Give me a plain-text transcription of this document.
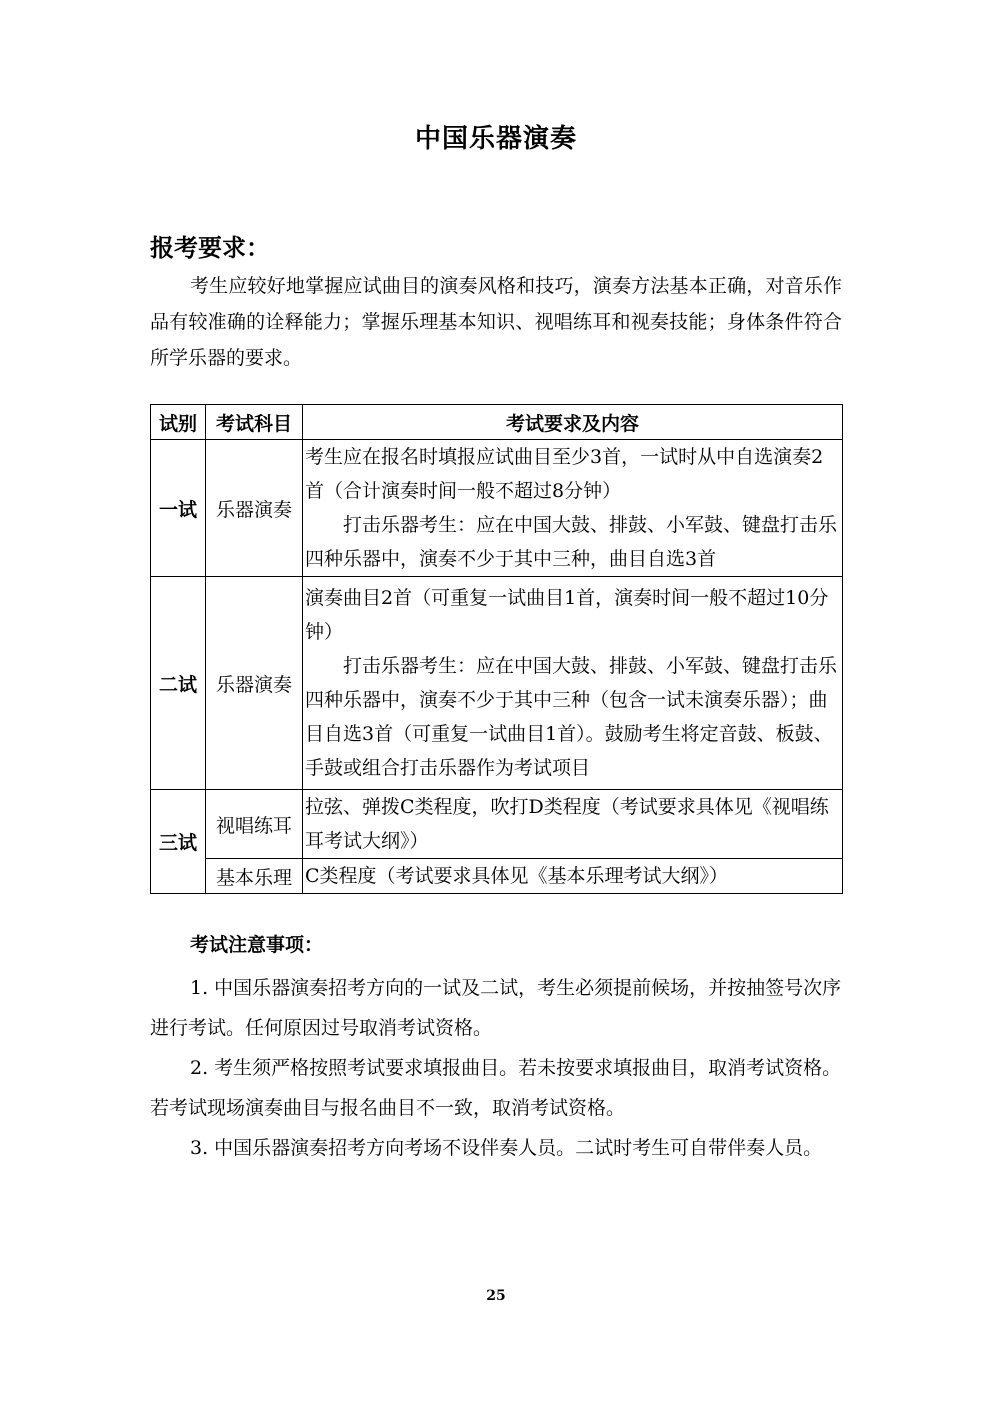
中国乐器演奏
报考要求：
考生应较好地掌握应试曲目的演奏风格和技巧，演奏方法基本正确，对音乐作品有较准确的诠释能力；掌握乐理基本知识、视唱练耳和视奏技能；身体条件符合所学乐器的要求。
试别	考试科目	考试要求及内容
一试	乐器演奏	考生应在报名时填报应试曲目至少3首，一试时从中自选演奏2首（合计演奏时间一般不超过8分钟）
打击乐器考生：应在中国大鼓、排鼓、小军鼓、键盘打击乐四种乐器中，演奏不少于其中三种，曲目自选3首

二试	乐器演奏	演奏曲目2首（可重复一试曲目1首，演奏时间一般不超过10分钟）
打击乐器考生：应在中国大鼓、排鼓、小军鼓、键盘打击乐四种乐器中，演奏不少于其中三种（包含一试未演奏乐器）；曲目自选3首（可重复一试曲目1首）。鼓励考生将定音鼓、板鼓、手鼓或组合打击乐器作为考试项目

三试	视唱练耳	拉弦、弹拨C类程度，吹打D类程度（考试要求具体见《视唱练耳考试大纲》）
	基本乐理	C类程度（考试要求具体见《基本乐理考试大纲》）
考试注意事项：
1. 中国乐器演奏招考方向的一试及二试，考生必须提前候场，并按抽签号次序进行考试。任何原因过号取消考试资格。
2. 考生须严格按照考试要求填报曲目。若未按要求填报曲目，取消考试资格。若考试现场演奏曲目与报名曲目不一致，取消考试资格。
3. 中国乐器演奏招考方向考场不设伴奏人员。二试时考生可自带伴奏人员。
25
